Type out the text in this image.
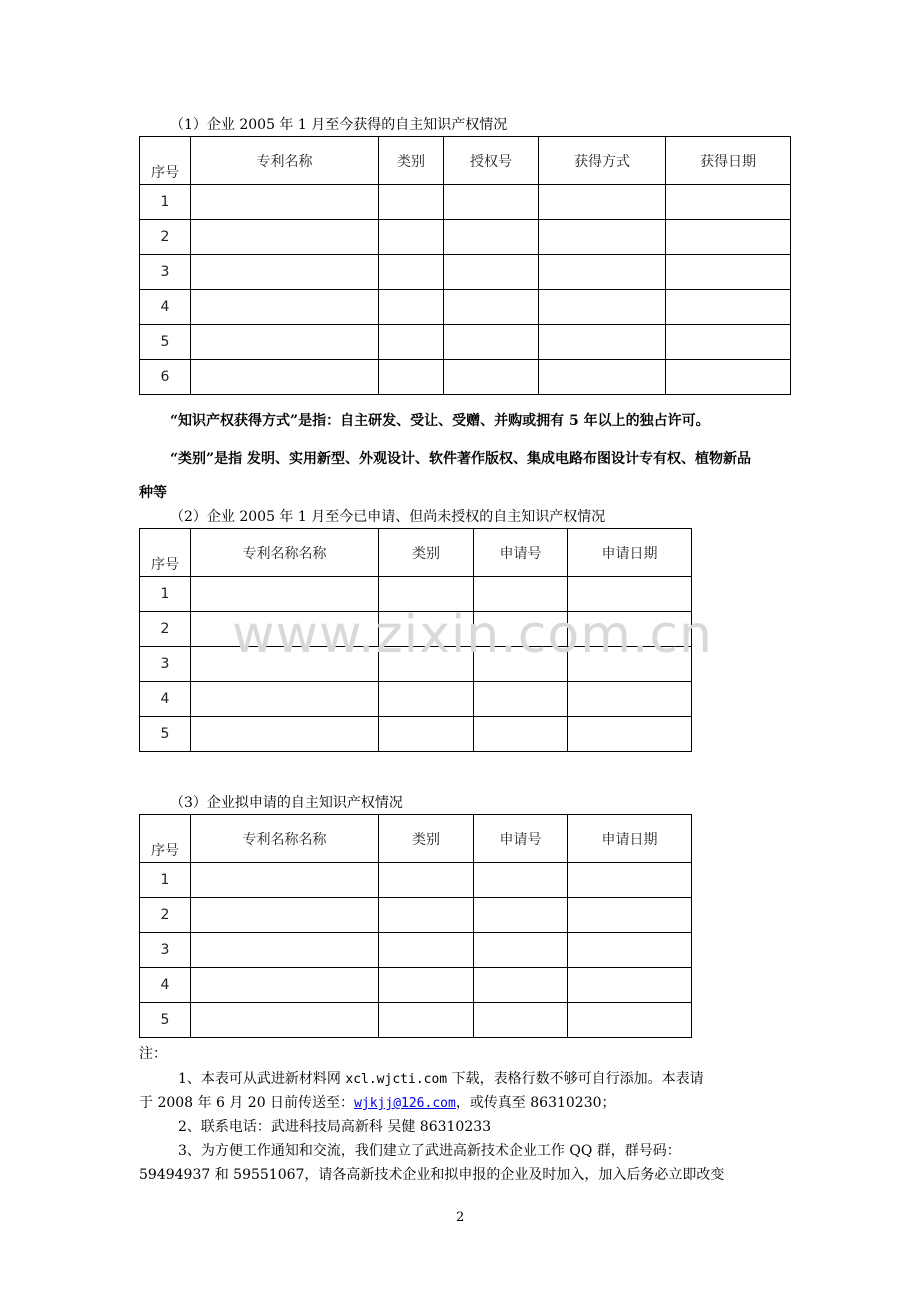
（1）企业 2005 年 1 月至今获得的自主知识产权情况
序号	专利名称	类别	授权号	获得方式	获得日期
1					
2					
3					
4					
5					
6					
“知识产权获得方式”是指：自主研发、受让、受赠、并购或拥有 5 年以上的独占许可。
“类别”是指 发明、实用新型、外观设计、软件著作版权、集成电路布图设计专有权、植物新品
种等
（2）企业 2005 年 1 月至今已申请、但尚未授权的自主知识产权情况
序号	专利名称名称	类别	申请号	申请日期
1				
2				
3				
4				
5				
www.zixin.com.cn
（3）企业拟申请的自主知识产权情况
序号	专利名称名称	类别	申请号	申请日期
1				
2				
3				
4				
5				
注：
1、本表可从武进新材料网 xcl.wjcti.com 下载，表格行数不够可自行添加。本表请
于 2008 年 6 月 20 日前传送至：wjkjj@126.com，或传真至 86310230；
2、联系电话：武进科技局高新科 吴健 86310233
3、为方便工作通知和交流，我们建立了武进高新技术企业工作 QQ 群，群号码：
59494937 和 59551067，请各高新技术企业和拟申报的企业及时加入，加入后务必立即改变
2
